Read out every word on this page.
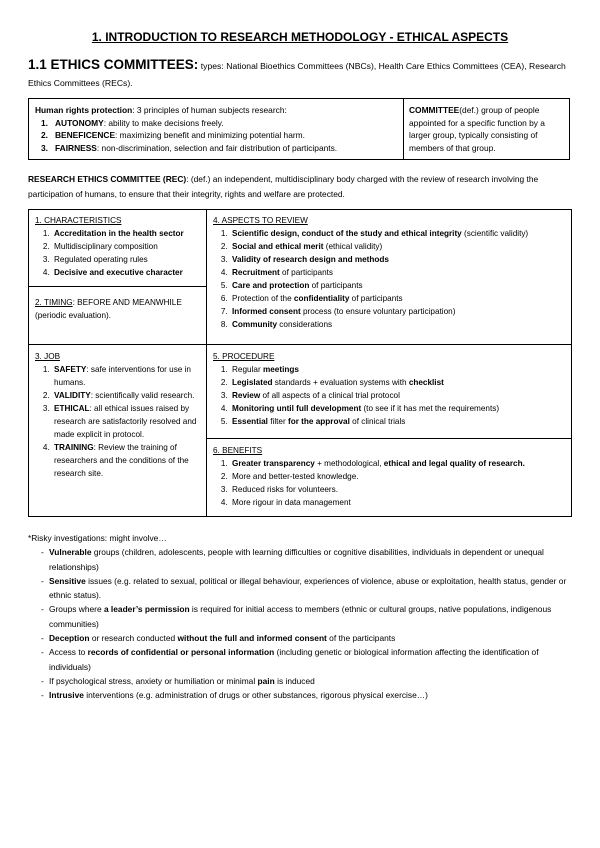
1. INTRODUCTION TO RESEARCH METHODOLOGY - ETHICAL ASPECTS
1.1 ETHICS COMMITTEES: types: National Bioethics Committees (NBCs), Health Care Ethics Committees (CEA), Research Ethics Committees (RECs).
Human rights protection: 3 principles of human subjects research:
1. AUTONOMY: ability to make decisions freely.
2. BENEFICENCE: maximizing benefit and minimizing potential harm.
3. FAIRNESS: non-discrimination, selection and fair distribution of participants.
COMMITTEE(def.) group of people appointed for a specific function by a larger group, typically consisting of members of that group.
RESEARCH ETHICS COMMITTEE (REC): (def.) an independent, multidisciplinary body charged with the review of research involving the participation of humans, to ensure that their integrity, rights and welfare are protected.
1. CHARACTERISTICS
1. Accreditation in the health sector
2. Multidisciplinary composition
3. Regulated operating rules
4. Decisive and executive character
2. TIMING: BEFORE AND MEANWHILE (periodic evaluation).
3. JOB
1. SAFETY: safe interventions for use in humans.
2. VALIDITY: scientifically valid research.
3. ETHICAL: all ethical issues raised by research are satisfactorily resolved and made explicit in protocol.
4. TRAINING: Review the training of researchers and the conditions of the research site.
4. ASPECTS TO REVIEW
1. Scientific design, conduct of the study and ethical integrity (scientific validity)
2. Social and ethical merit (ethical validity)
3. Validity of research design and methods
4. Recruitment of participants
5. Care and protection of participants
6. Protection of the confidentiality of participants
7. Informed consent process (to ensure voluntary participation)
8. Community considerations
5. PROCEDURE
1. Regular meetings
2. Legislated standards + evaluation systems with checklist
3. Review of all aspects of a clinical trial protocol
4. Monitoring until full development (to see if it has met the requirements)
5. Essential filter for the approval of clinical trials
6. BENEFITS
1. Greater transparency + methodological, ethical and legal quality of research.
2. More and better-tested knowledge.
3. Reduced risks for volunteers.
4. More rigour in data management
*Risky investigations: might involve…
- Vulnerable groups (children, adolescents, people with learning difficulties or cognitive disabilities, individuals in dependent or unequal relationships)
- Sensitive issues (e.g. related to sexual, political or illegal behaviour, experiences of violence, abuse or exploitation, health status, gender or ethnic status).
- Groups where a leader’s permission is required for initial access to members (ethnic or cultural groups, native populations, indigenous communities)
- Deception or research conducted without the full and informed consent of the participants
- Access to records of confidential or personal information (including genetic or biological information affecting the identification of individuals)
- If psychological stress, anxiety or humiliation or minimal pain is induced
- Intrusive interventions (e.g. administration of drugs or other substances, rigorous physical exercise…)
